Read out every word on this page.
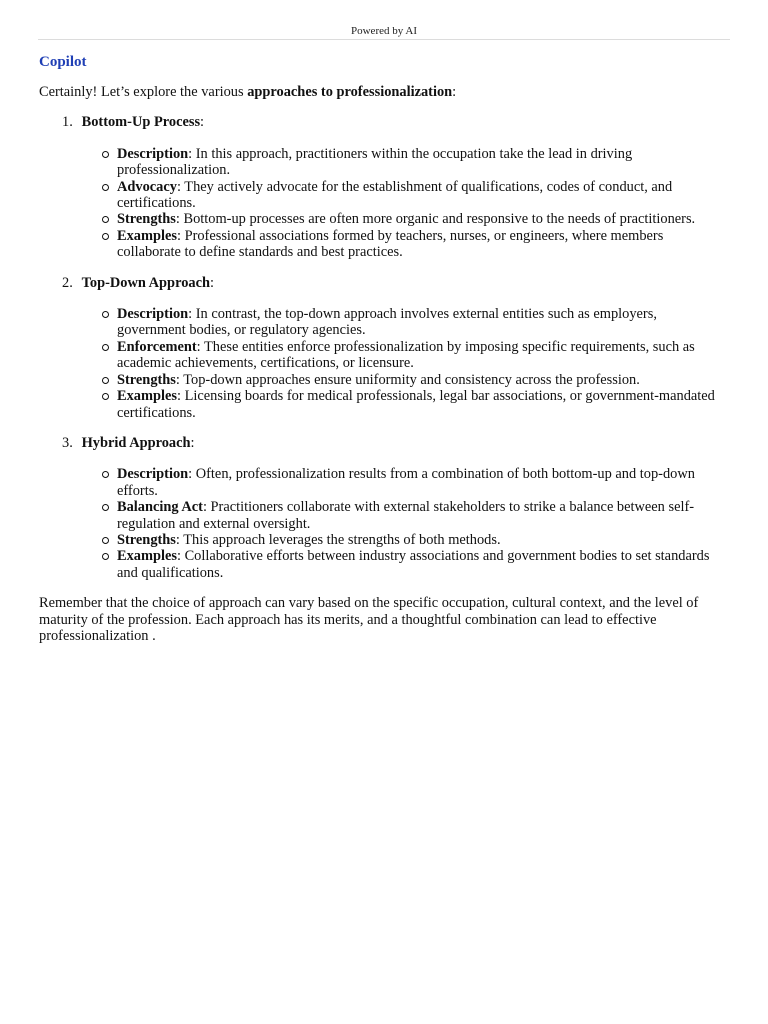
Powered by AI
Copilot

Certainly! Let’s explore the various approaches to professionalization:

1. Bottom-Up Process:
Description: In this approach, practitioners within the occupation take the lead in driving professionalization.
Advocacy: They actively advocate for the establishment of qualifications, codes of conduct, and certifications.
Strengths: Bottom-up processes are often more organic and responsive to the needs of practitioners.
Examples: Professional associations formed by teachers, nurses, or engineers, where members collaborate to define standards and best practices.
2. Top-Down Approach:
Description: In contrast, the top-down approach involves external entities such as employers, government bodies, or regulatory agencies.
Enforcement: These entities enforce professionalization by imposing specific requirements, such as academic achievements, certifications, or licensure.
Strengths: Top-down approaches ensure uniformity and consistency across the profession.
Examples: Licensing boards for medical professionals, legal bar associations, or government-mandated certifications.
3. Hybrid Approach:
Description: Often, professionalization results from a combination of both bottom-up and top-down efforts.
Balancing Act: Practitioners collaborate with external stakeholders to strike a balance between self-regulation and external oversight.
Strengths: This approach leverages the strengths of both methods.
Examples: Collaborative efforts between industry associations and government bodies to set standards and qualifications.

Remember that the choice of approach can vary based on the specific occupation, cultural context, and the level of maturity of the profession. Each approach has its merits, and a thoughtful combination can lead to effective professionalization .
